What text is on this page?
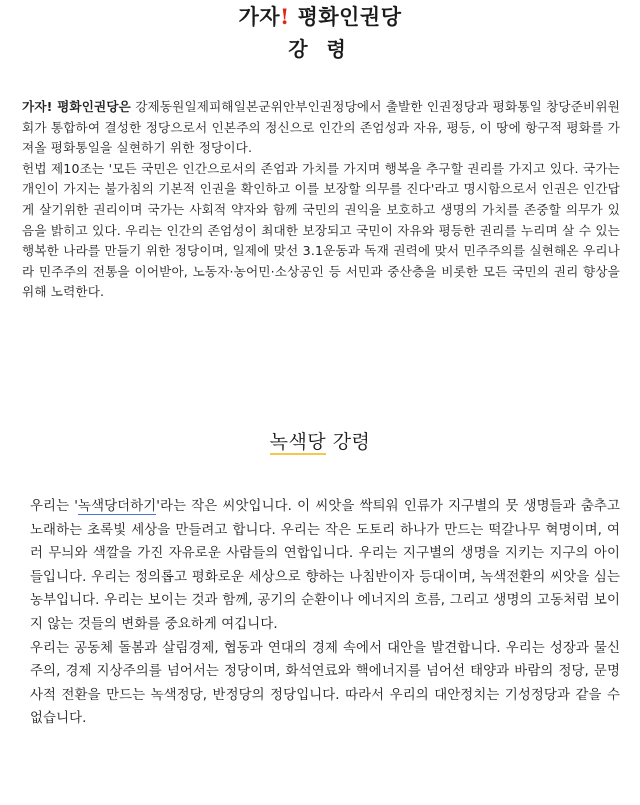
가자! 평화인권당
강 령

가자! 평화인권당은 강제동원일제피해일본군위안부인권정당에서 출발한 인권정당과 평화통일 창당준비위원회가 통합하여 결성한 정당으로서 인본주의 정신으로 인간의 존엄성과 자유, 평등, 이 땅에 항구적 평화를 가져올 평화통일을 실현하기 위한 정당이다.

헌법 제10조는 '모든 국민은 인간으로서의 존엄과 가치를 가지며 행복을 추구할 권리를 가지고 있다. 국가는 개인이 가지는 불가침의 기본적 인권을 확인하고 이를 보장할 의무를 진다'라고 명시함으로서 인권은 인간답게 살기위한 권리이며 국가는 사회적 약자와 함께 국민의 권익을 보호하고 생명의 가치를 존중할 의무가 있음을 밝히고 있다. 우리는 인간의 존엄성이 최대한 보장되고 국민이 자유와 평등한 권리를 누리며 살 수 있는 행복한 나라를 만들기 위한 정당이며, 일제에 맞선 3.1운동과 독재 권력에 맞서 민주주의를 실현해온 우리나라 민주주의 전통을 이어받아, 노동자·농어민·소상공인 등 서민과 중산층을 비롯한 모든 국민의 권리 향상을 위해 노력한다.

녹색당 강령

우리는 '녹색당더하기'라는 작은 씨앗입니다. 이 씨앗을 싹틔워 인류가 지구별의 뭇 생명들과 춤추고 노래하는 초록빛 세상을 만들려고 합니다. 우리는 작은 도토리 하나가 만드는 떡갈나무 혁명이며, 여러 무늬와 색깔을 가진 자유로운 사람들의 연합입니다. 우리는 지구별의 생명을 지키는 지구의 아이들입니다. 우리는 정의롭고 평화로운 세상으로 향하는 나침반이자 등대이며, 녹색전환의 씨앗을 심는 농부입니다. 우리는 보이는 것과 함께, 공기의 순환이나 에너지의 흐름, 그리고 생명의 고동처럼 보이지 않는 것들의 변화를 중요하게 여깁니다.

우리는 공동체 돌봄과 살림경제, 협동과 연대의 경제 속에서 대안을 발견합니다. 우리는 성장과 물신주의, 경제 지상주의를 넘어서는 정당이며, 화석연료와 핵에너지를 넘어선 태양과 바람의 정당, 문명사적 전환을 만드는 녹색정당, 반정당의 정당입니다. 따라서 우리의 대안정치는 기성정당과 같을 수 없습니다.
